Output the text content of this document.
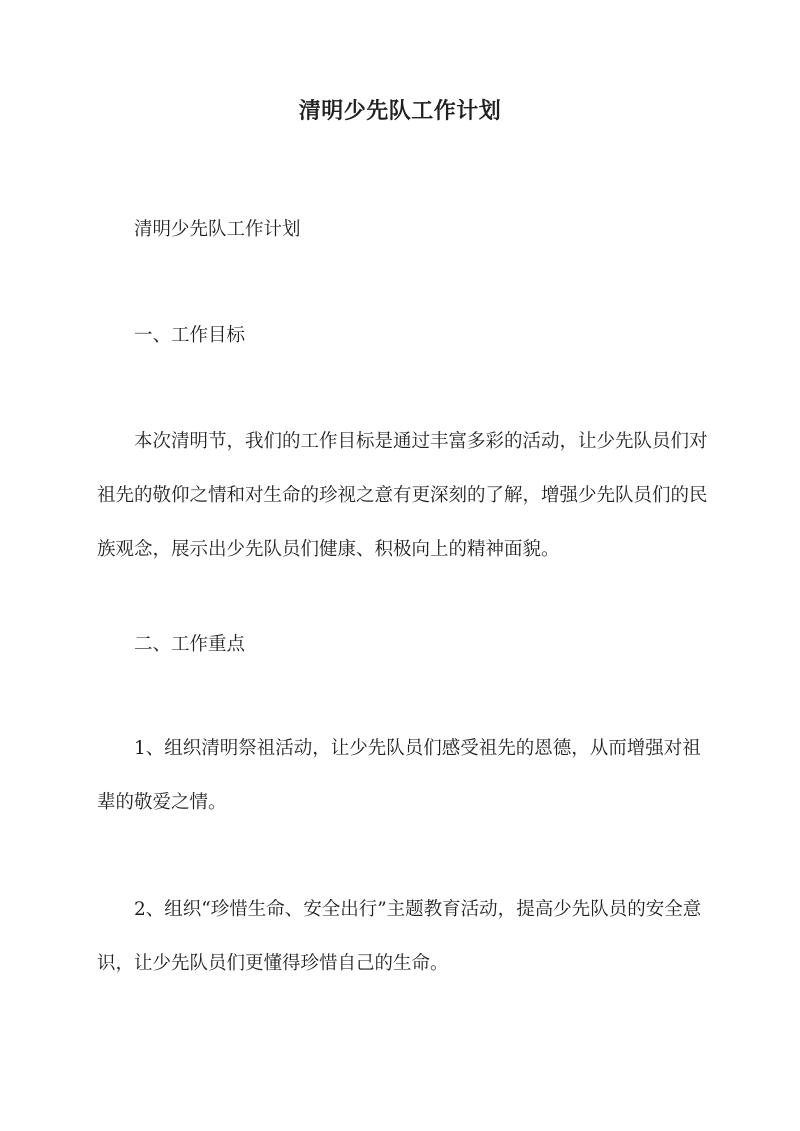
清明少先队工作计划

清明少先队工作计划

一、工作目标

本次清明节，我们的工作目标是通过丰富多彩的活动，让少先队员们对祖先的敬仰之情和对生命的珍视之意有更深刻的了解，增强少先队员们的民族观念，展示出少先队员们健康、积极向上的精神面貌。

二、工作重点

1、组织清明祭祖活动，让少先队员们感受祖先的恩德，从而增强对祖辈的敬爱之情。

2、组织“珍惜生命、安全出行”主题教育活动，提高少先队员的安全意识，让少先队员们更懂得珍惜自己的生命。
